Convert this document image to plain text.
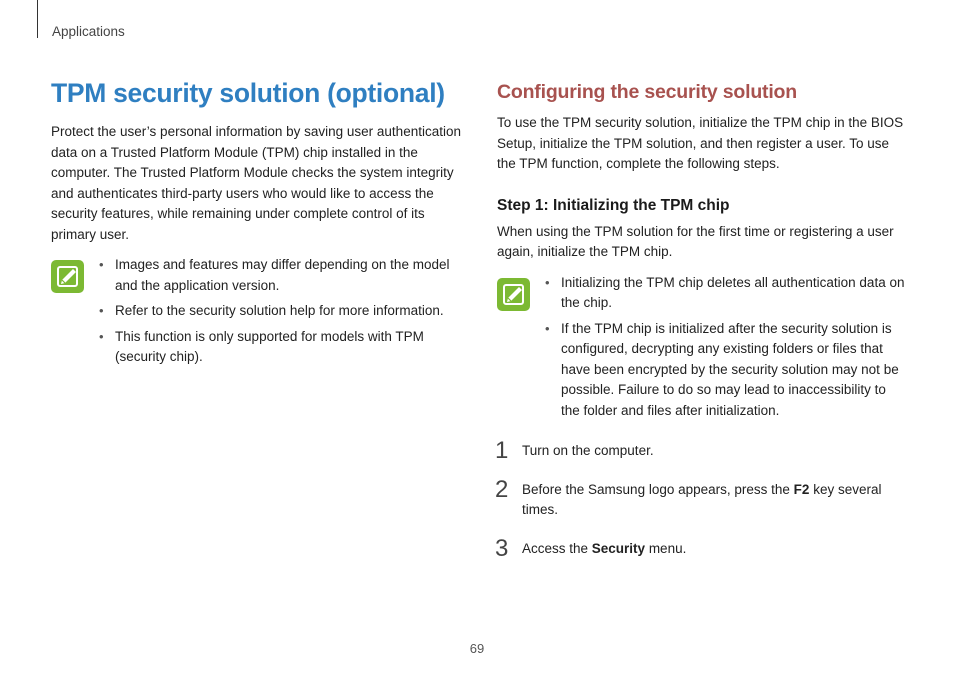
Applications
TPM security solution (optional)

Protect the user’s personal information by saving user authentication data on a Trusted Platform Module (TPM) chip installed in the computer. The Trusted Platform Module checks the system integrity and authenticates third-party users who would like to access the security features, while remaining under complete control of its primary user.

• Images and features may differ depending on the model and the application version.
• Refer to the security solution help for more information.
• This function is only supported for models with TPM (security chip).
Configuring the security solution

To use the TPM security solution, initialize the TPM chip in the BIOS Setup, initialize the TPM solution, and then register a user. To use the TPM function, complete the following steps.

Step 1: Initializing the TPM chip

When using the TPM solution for the first time or registering a user again, initialize the TPM chip.

• Initializing the TPM chip deletes all authentication data on the chip.
• If the TPM chip is initialized after the security solution is configured, decrypting any existing folders or files that have been encrypted by the security solution may not be possible. Failure to do so may lead to inaccessibility to the folder and files after initialization.
1 Turn on the computer.
2 Before the Samsung logo appears, press the F2 key several times.
3 Access the Security menu.
69
